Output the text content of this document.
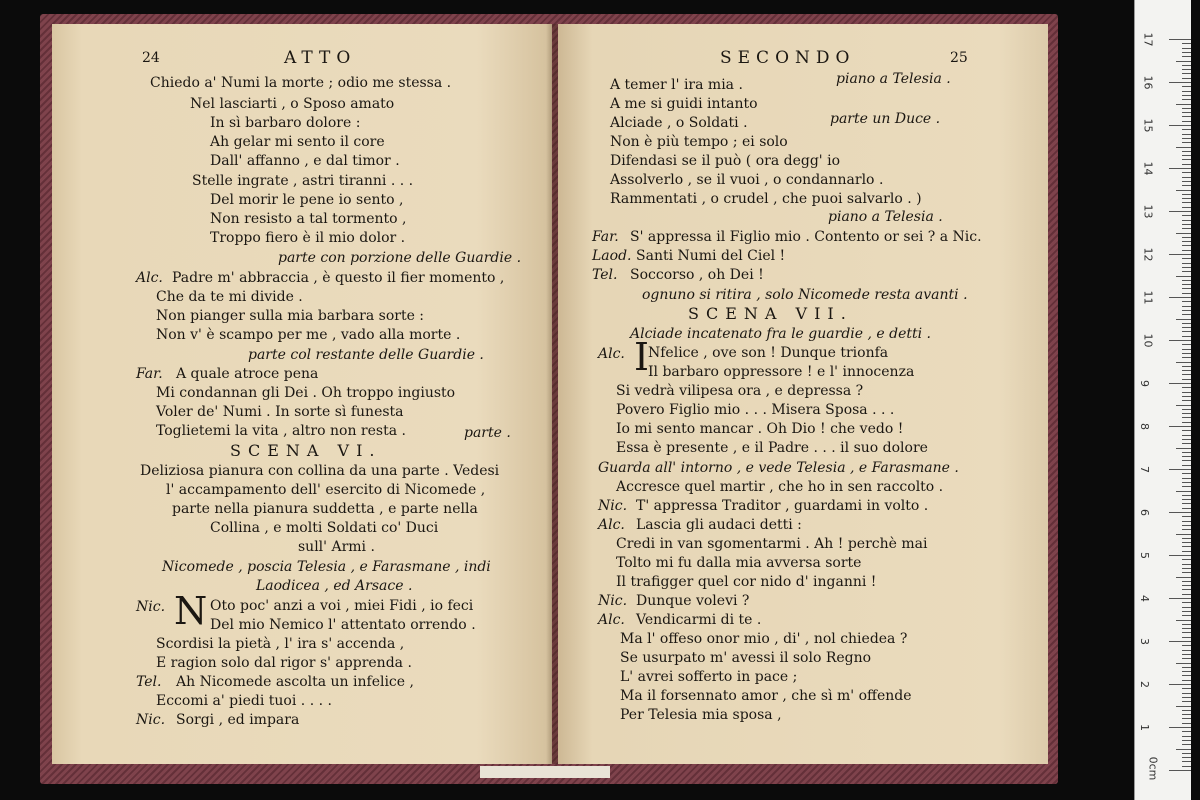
24	ATTO
Chiedo a' Numi la morte ; odio me stessa .
Nel lasciarti , o Sposo amato
In sì barbaro dolore :
Ah gelar mi sento il core
Dall' affanno , e dal timor .
Stelle ingrate , astri tiranni . . .
Del morir le pene io sento ,
Non resisto a tal tormento ,
Troppo fiero è il mio dolor .
parte con porzione delle Guardie .
Alc. Padre m' abbraccia , è questo il fier momento ,
Che da te mi divide .
Non pianger sulla mia barbara sorte :
Non v' è scampo per me , vado alla morte .
parte col restante delle Guardie .
Far. A quale atroce pena
Mi condannan gli Dei . Oh troppo ingiusto
Voler de' Numi . In sorte sì funesta
Toglietemi la vita , altro non resta .	parte .
SCENA VI.
Deliziosa pianura con collina da una parte . Vedesi
l' accampamento dell' esercito di Nicomede ,
parte nella pianura suddetta , e parte nella
Collina , e molti Soldati co' Duci
sull' Armi .
Nicomede , poscia Telesia , e Farasmane , indi
Laodicea , ed Arsace .
Nic. N Oto poc' anzi a voi , miei Fidi , io feci
Del mio Nemico l' attentato orrendo .
Scordisi la pietà , l' ira s' accenda ,
E ragion solo dal rigor s' apprenda .
Tel. Ah Nicomede ascolta un infelice ,
Eccomi a' piedi tuoi . . . .
Nic. Sorgi , ed impara
SECONDO	25
A temer l' ira mia .	piano a Telesia .
A me si guidi intanto
Alciade , o Soldati .	parte un Duce .
Non è più tempo ; ei solo
Difendasi se il può ( ora degg' io
Assolverlo , se il vuoi , o condannarlo .
Rammentati , o crudel , che puoi salvarlo . )
piano a Telesia .
Far. S' appressa il Figlio mio . Contento or sei ? a Nic.
Laod. Santi Numi del Ciel !
Tel. Soccorso , oh Dei !
ognuno si ritira , solo Nicomede resta avanti .
SCENA VII.
Alciade incatenato fra le guardie , e detti .
Alc. I
Nfelice , ove son ! Dunque trionfa
Il barbaro oppressore ! e l' innocenza
Si vedrà vilipesa ora , e depressa ?
Povero Figlio mio . . . Misera Sposa . . .
Io mi sento mancar . Oh Dio ! che vedo !
Essa è presente , e il Padre . . . il suo dolore
Guarda all' intorno , e vede Telesia , e Farasmane .
Accresce quel martir , che ho in sen raccolto .
Nic. T' appressa Traditor , guardami in volto .
Alc. Lascia gli audaci detti :
Credi in van sgomentarmi . Ah ! perchè mai
Tolto mi fu dalla mia avversa sorte
Il trafigger quel cor nido d' inganni !
Nic. Dunque volevi ?
Alc. Vendicarmi di te .
Ma l' offeso onor mio , di' , nol chiedea ?
Se usurpato m' avessi il solo Regno
L' avrei sofferto in pace ;
Ma il forsennato amor , che sì m' offende
Per Telesia mia sposa ,
0cm
1
2
3
4
5
6
7
8
9
10
11
12
13
14
15
16
17
